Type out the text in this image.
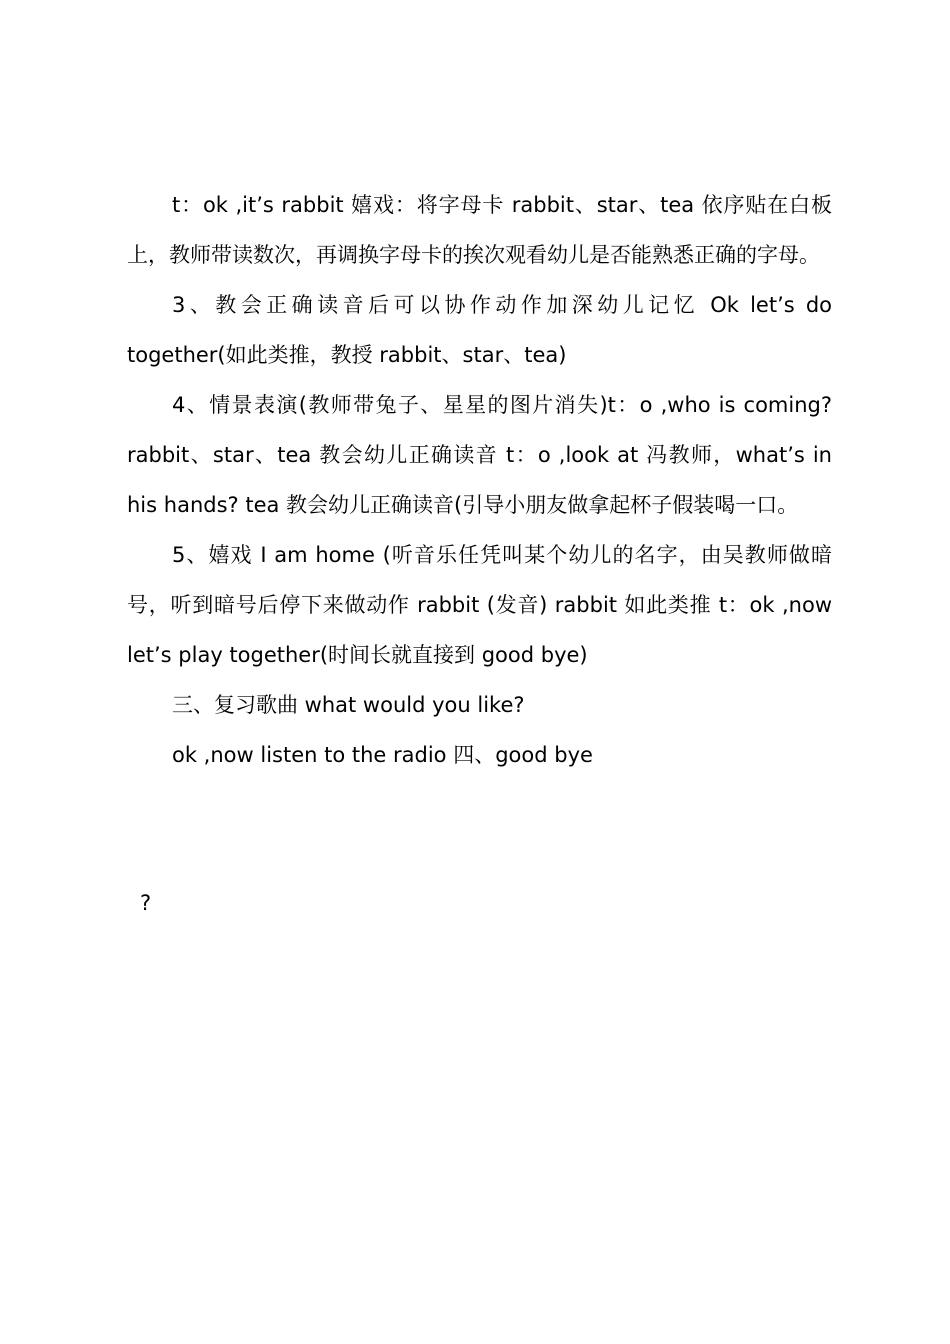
t：ok ,it’s rabbit 嬉戏：将字母卡 rabbit、star、tea 依序贴在白板上，教师带读数次，再调换字母卡的挨次观看幼儿是否能熟悉正确的字母。

3、教会正确读音后可以协作动作加深幼儿记忆 Ok let’s do together(如此类推，教授 rabbit、star、tea)

4、情景表演(教师带兔子、星星的图片消失)t：o ,who is coming? rabbit、star、tea 教会幼儿正确读音 t：o ,look at 冯教师，what’s in his hands? tea 教会幼儿正确读音(引导小朋友做拿起杯子假装喝一口。

5、嬉戏 I am home (听音乐任凭叫某个幼儿的名字，由吴教师做暗号，听到暗号后停下来做动作 rabbit (发音) rabbit 如此类推 t：ok ,now let’s play together(时间长就直接到 good bye)

三、复习歌曲 what would you like?

ok ,now listen to the radio 四、good bye

?
